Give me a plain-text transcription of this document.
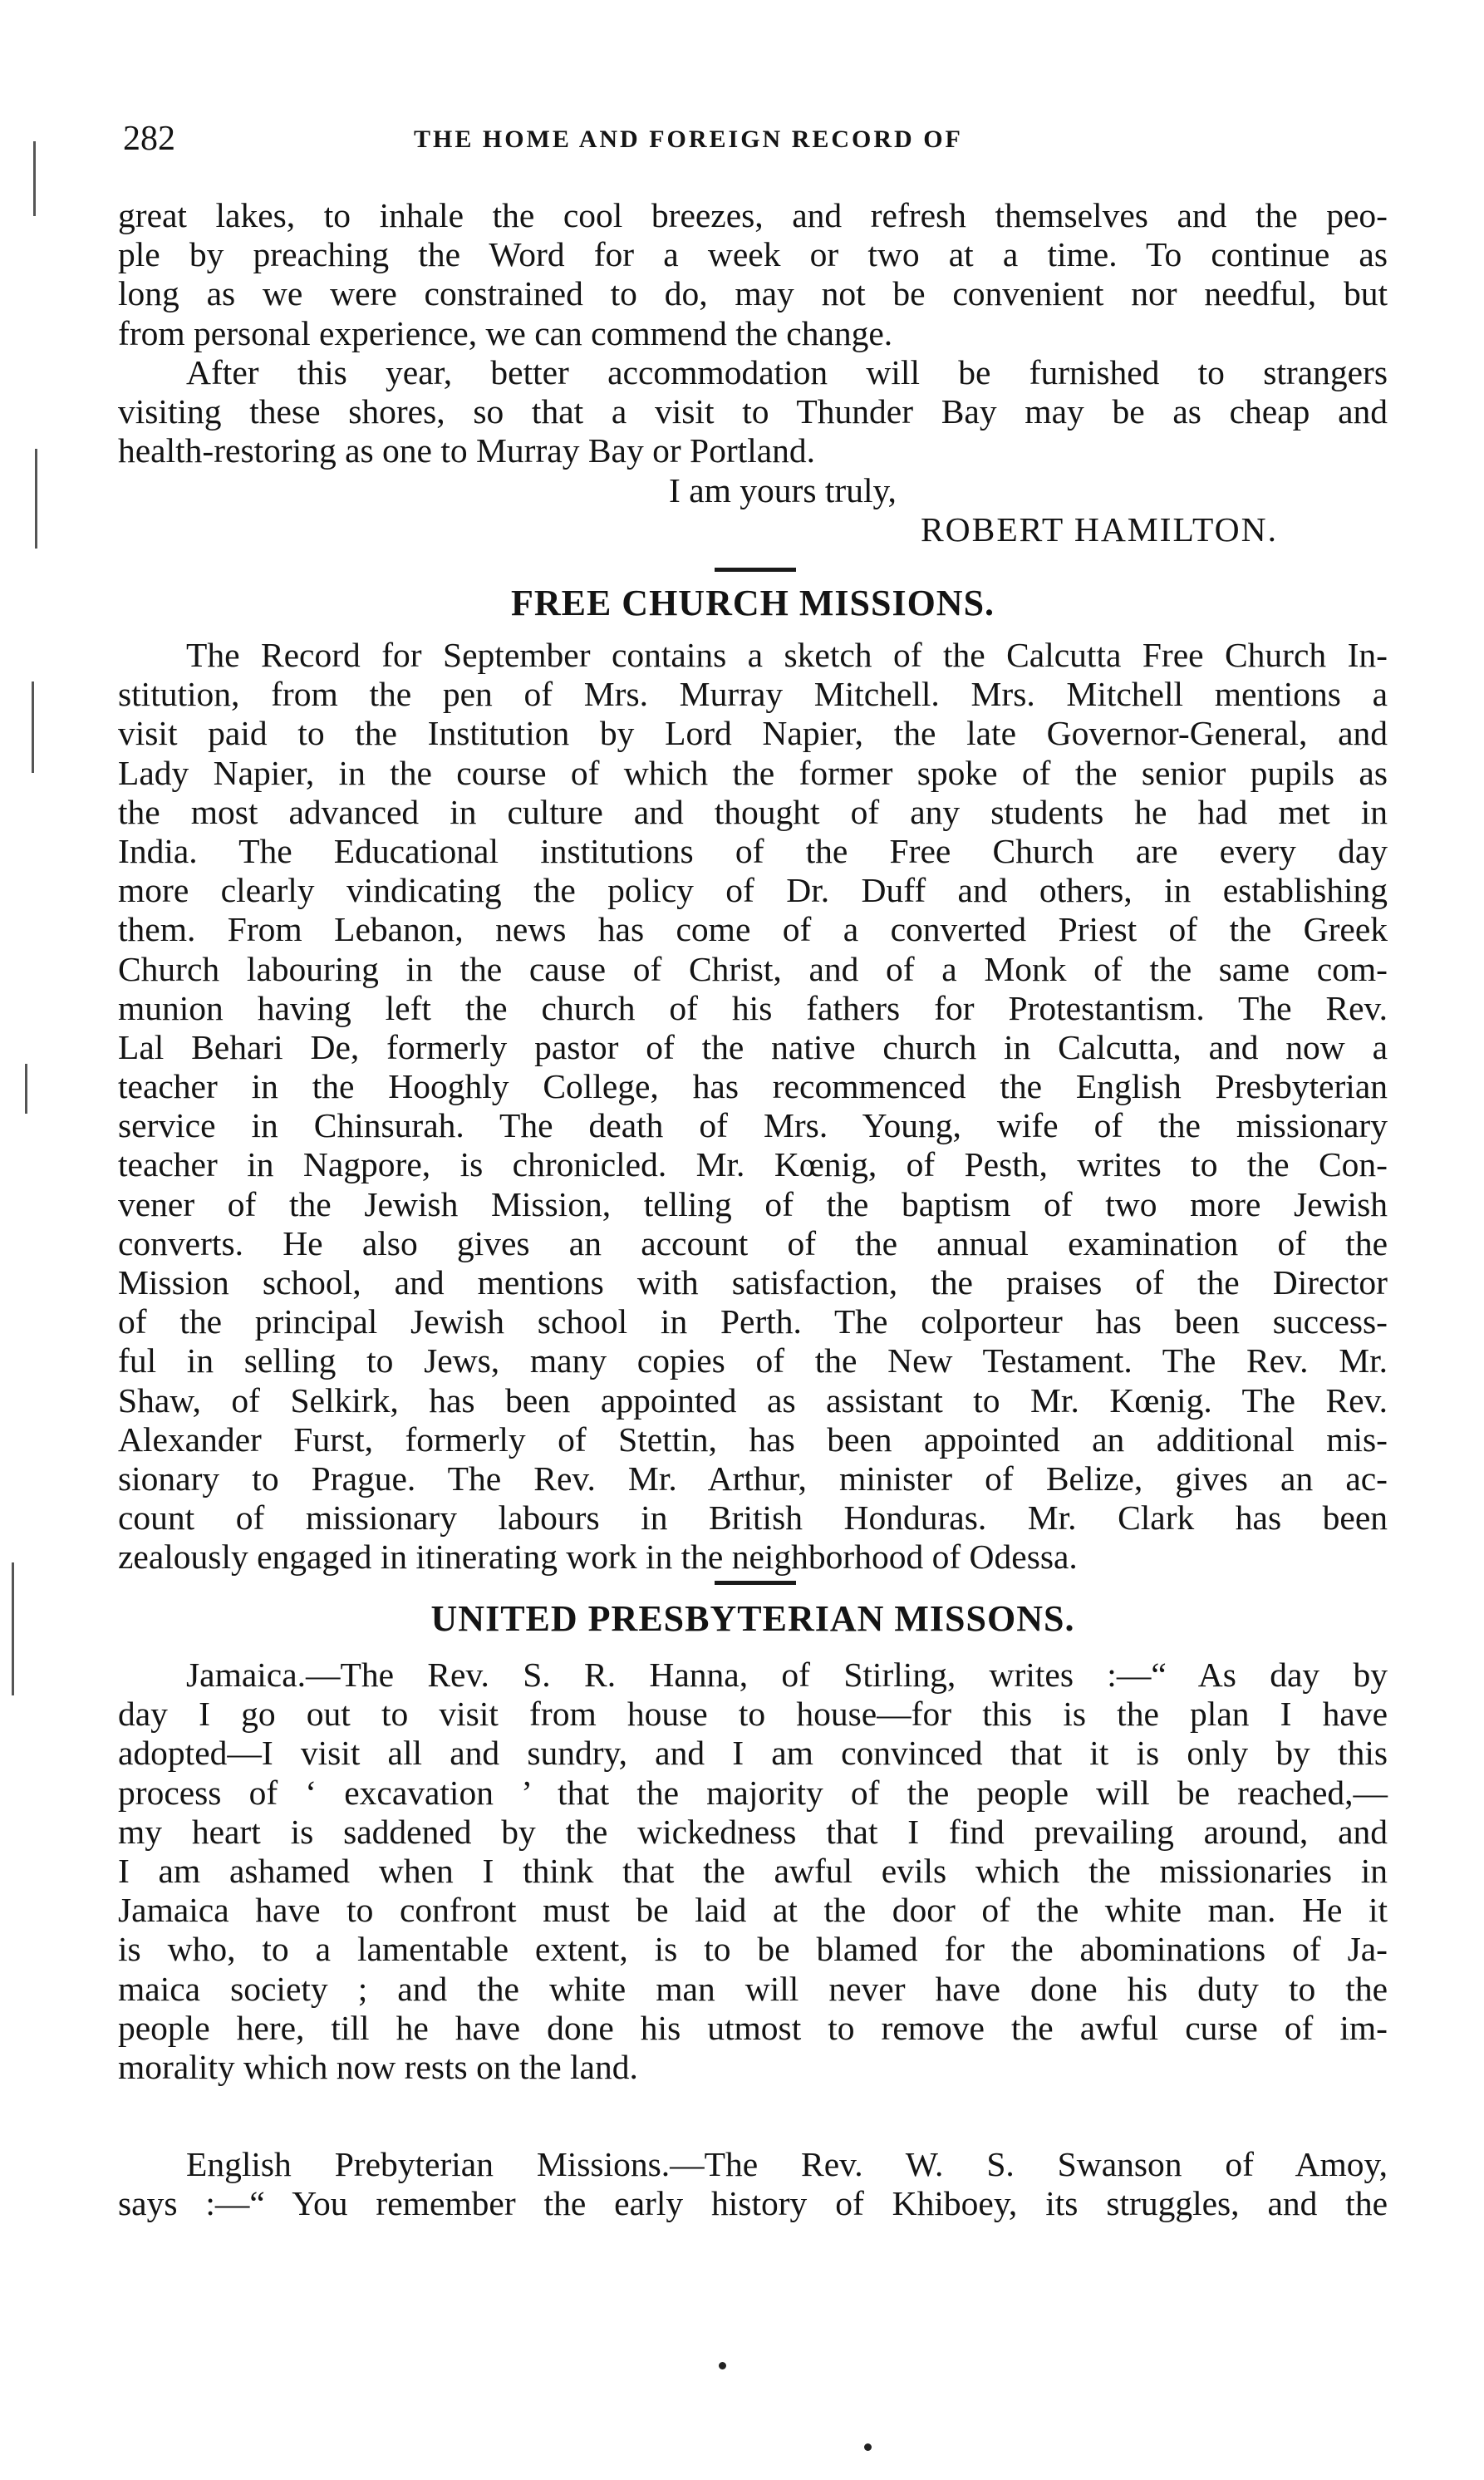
282	THE HOME AND FOREIGN RECORD OF
great lakes, to inhale the cool breezes, and refresh themselves and the peo-
ple by preaching the Word for a week or two at a time. To continue as
long as we were constrained to do, may not be convenient nor needful, but
from personal experience, we can commend the change.
After this year, better accommodation will be furnished to strangers
visiting these shores, so that a visit to Thunder Bay may be as cheap and
health-restoring as one to Murray Bay or Portland.
I am yours truly,
ROBERT HAMILTON.
FREE CHURCH MISSIONS.
The Record for September contains a sketch of the Calcutta Free Church In-
stitution, from the pen of Mrs. Murray Mitchell. Mrs. Mitchell mentions a
visit paid to the Institution by Lord Napier, the late Governor-General, and
Lady Napier, in the course of which the former spoke of the senior pupils as
the most advanced in culture and thought of any students he had met in
India. The Educational institutions of the Free Church are every day
more clearly vindicating the policy of Dr. Duff and others, in establishing
them. From Lebanon, news has come of a converted Priest of the Greek
Church labouring in the cause of Christ, and of a Monk of the same com-
munion having left the church of his fathers for Protestantism. The Rev.
Lal Behari De, formerly pastor of the native church in Calcutta, and now a
teacher in the Hooghly College, has recommenced the English Presbyterian
service in Chinsurah. The death of Mrs. Young, wife of the missionary
teacher in Nagpore, is chronicled. Mr. Kœnig, of Pesth, writes to the Con-
vener of the Jewish Mission, telling of the baptism of two more Jewish
converts. He also gives an account of the annual examination of the
Mission school, and mentions with satisfaction, the praises of the Director
of the principal Jewish school in Perth. The colporteur has been success-
ful in selling to Jews, many copies of the New Testament. The Rev. Mr.
Shaw, of Selkirk, has been appointed as assistant to Mr. Kœnig. The Rev.
Alexander Furst, formerly of Stettin, has been appointed an additional mis-
sionary to Prague. The Rev. Mr. Arthur, minister of Belize, gives an ac-
count of missionary labours in British Honduras. Mr. Clark has been
zealously engaged in itinerating work in the neighborhood of Odessa.
UNITED PRESBYTERIAN MISSONS.
Jamaica.—The Rev. S. R. Hanna, of Stirling, writes :—“ As day by
day I go out to visit from house to house—for this is the plan I have
adopted—I visit all and sundry, and I am convinced that it is only by this
process of ‘ excavation ’ that the majority of the people will be reached,—
my heart is saddened by the wickedness that I find prevailing around, and
I am ashamed when I think that the awful evils which the missionaries in
Jamaica have to confront must be laid at the door of the white man. He it
is who, to a lamentable extent, is to be blamed for the abominations of Ja-
maica society ; and the white man will never have done his duty to the
people here, till he have done his utmost to remove the awful curse of im-
morality which now rests on the land.
English Prebyterian Missions.—The Rev. W. S. Swanson of Amoy,
says :—“ You remember the early history of Khiboey, its struggles, and the
